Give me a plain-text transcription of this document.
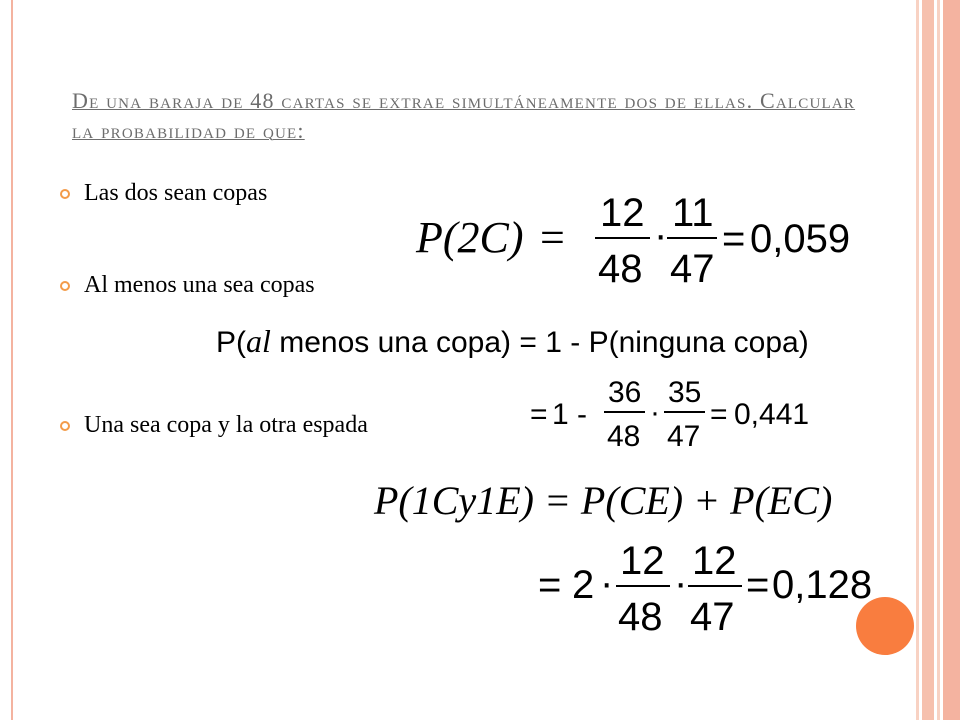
De una baraja de 48 cartas se extrae simultáneamente dos de ellas. Calcular la probabilidad de que:
Las dos sean copas
Al menos una sea copas
Una sea copa y la otra espada
P(2C) = 12
48
· 11
47
= 0,059
P(al menos una copa) = 1 - P(ninguna copa)
= 1 -
36
48
·
35
47
= 0,441
P(1Cy1E) = P(CE) + P(EC)
= 2 · 12
48
· 12
47
= 0,128
